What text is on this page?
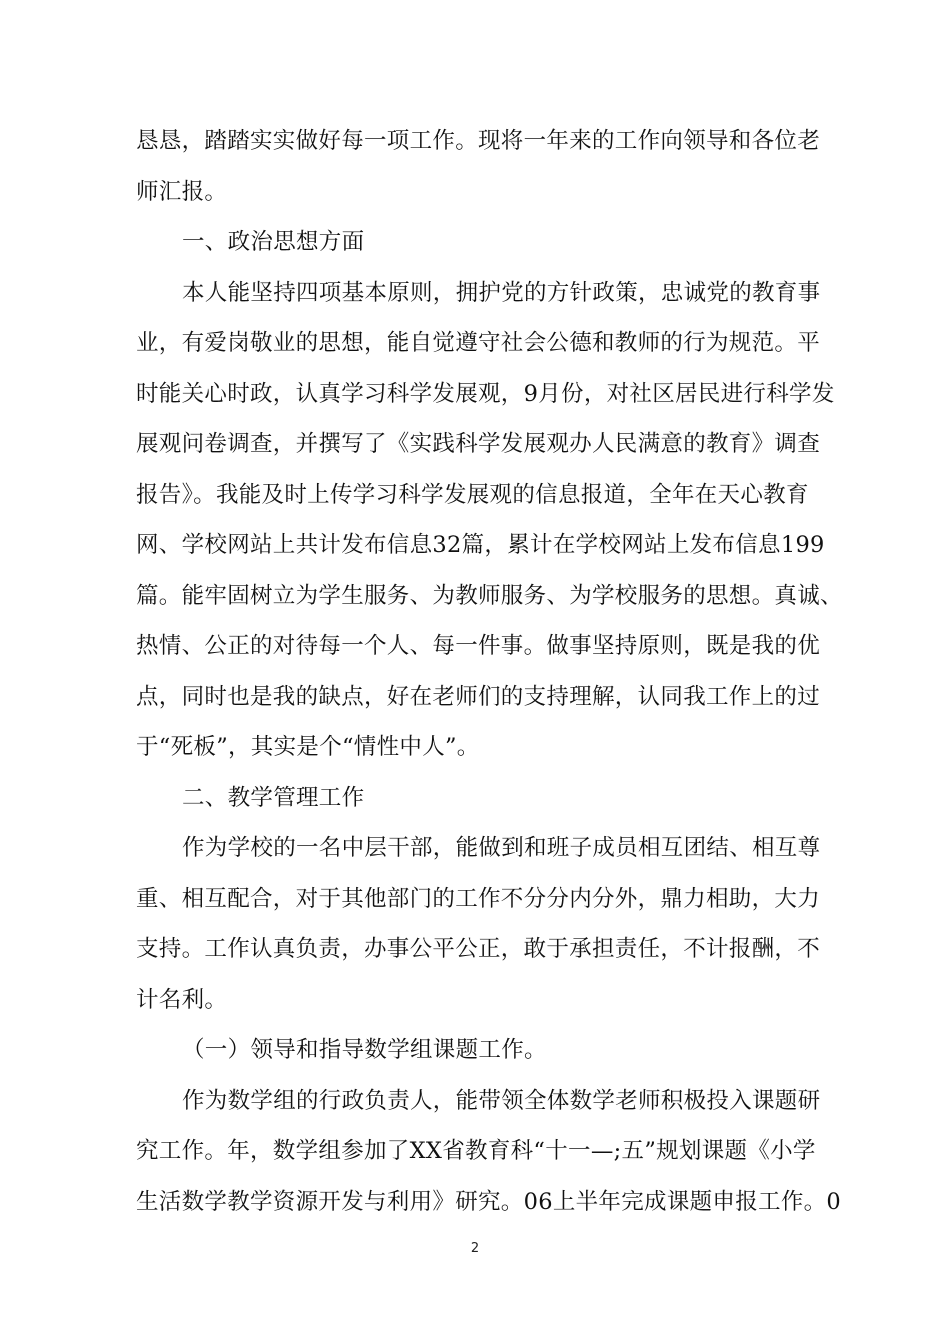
恳恳，踏踏实实做好每一项工作。现将一年来的工作向领导和各位老
师汇报。
一、政治思想方面
本人能坚持四项基本原则，拥护党的方针政策，忠诚党的教育事
业，有爱岗敬业的思想，能自觉遵守社会公德和教师的行为规范。平
时能关心时政，认真学习科学发展观，9月份，对社区居民进行科学发
展观问卷调查，并撰写了《实践科学发展观办人民满意的教育》调查
报告》。我能及时上传学习科学发展观的信息报道，全年在天心教育
网、学校网站上共计发布信息32篇，累计在学校网站上发布信息199
篇。能牢固树立为学生服务、为教师服务、为学校服务的思想。真诚、
热情、公正的对待每一个人、每一件事。做事坚持原则，既是我的优
点，同时也是我的缺点，好在老师们的支持理解，认同我工作上的过
于“死板”，其实是个“情性中人”。
二、教学管理工作
作为学校的一名中层干部，能做到和班子成员相互团结、相互尊
重、相互配合，对于其他部门的工作不分分内分外，鼎力相助，大力
支持。工作认真负责，办事公平公正，敢于承担责任，不计报酬，不
计名利。
（一）领导和指导数学组课题工作。
作为数学组的行政负责人，能带领全体数学老师积极投入课题研
究工作。年，数学组参加了XX省教育科“十一—;五”规划课题《小学
生活数学教学资源开发与利用》研究。06上半年完成课题申报工作。0
2
